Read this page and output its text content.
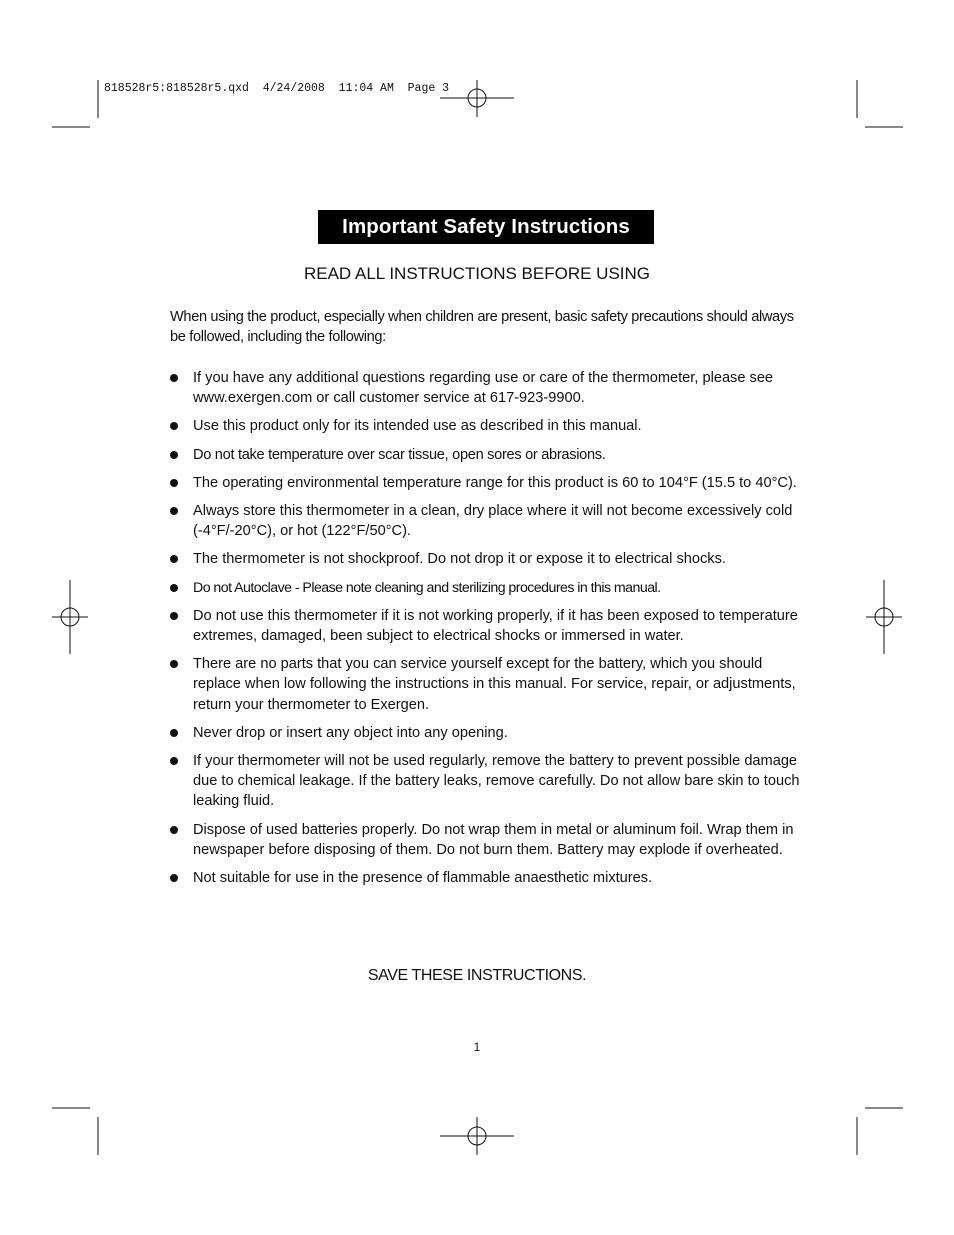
818528r5:818528r5.qxd  4/24/2008  11:04 AM  Page 3
Important Safety Instructions
READ ALL INSTRUCTIONS BEFORE USING
When using the product, especially when children are present, basic safety precautions should always be followed, including the following:
If you have any additional questions regarding use or care of the thermometer, please see www.exergen.com or call customer service at 617-923-9900.
Use this product only for its intended use as described in this manual.
Do not take temperature over scar tissue, open sores or abrasions.
The operating environmental temperature range for this product is 60 to 104°F (15.5 to 40°C).
Always store this thermometer in a clean, dry place where it will not become excessively cold (-4°F/-20°C), or hot (122°F/50°C).
The thermometer is not shockproof. Do not drop it or expose it to electrical shocks.
Do not Autoclave - Please note cleaning and sterilizing procedures in this manual.
Do not use this thermometer if it is not working properly, if it has been exposed to temperature extremes, damaged, been subject to electrical shocks or immersed in water.
There are no parts that you can service yourself except for the battery, which you should replace when low following the instructions in this manual. For service, repair, or adjustments, return your thermometer to Exergen.
Never drop or insert any object into any opening.
If your thermometer will not be used regularly, remove the battery to prevent possible damage due to chemical leakage. If the battery leaks, remove carefully. Do not allow bare skin to touch leaking fluid.
Dispose of used batteries properly. Do not wrap them in metal or aluminum foil. Wrap them in newspaper before disposing of them. Do not burn them. Battery may explode if overheated.
Not suitable for use in the presence of flammable anaesthetic mixtures.
SAVE THESE INSTRUCTIONS.
1
